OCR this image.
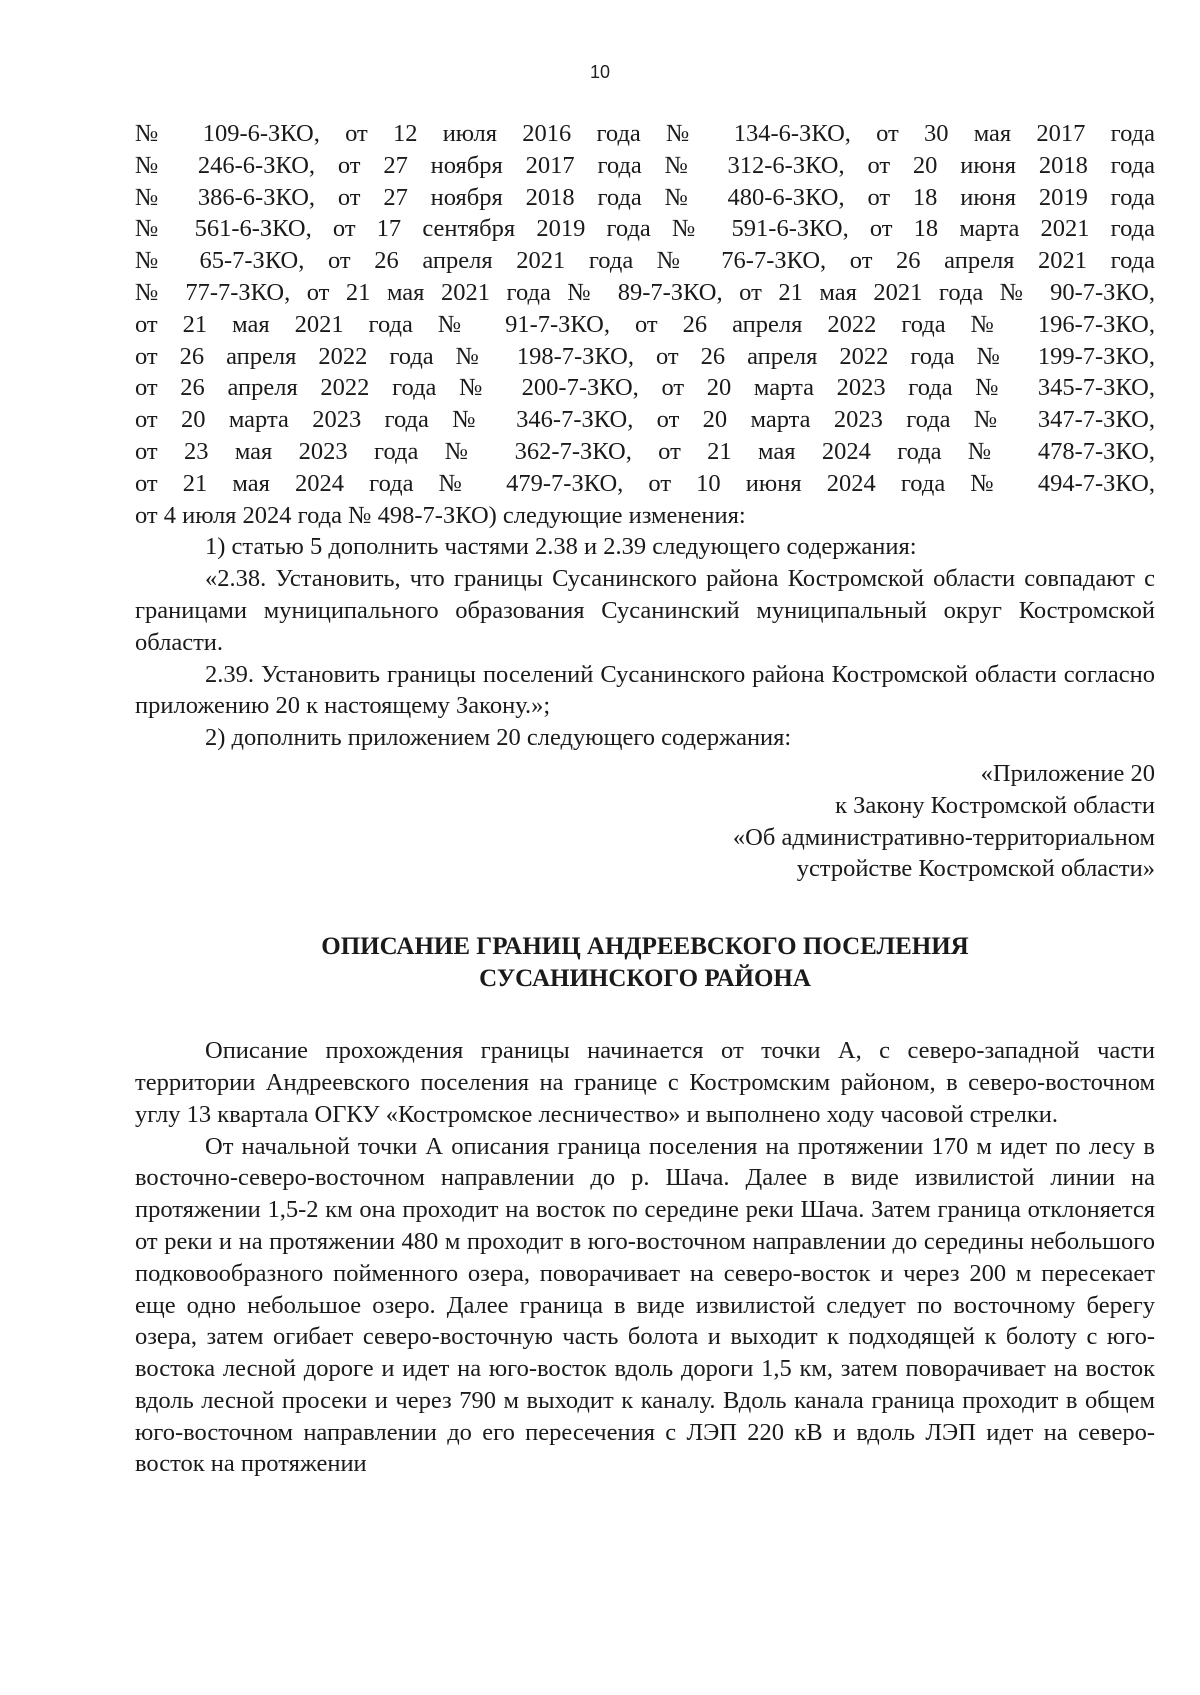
10

№ 109-6-ЗКО, от 12 июля 2016 года № 134-6-ЗКО, от 30 мая 2017 года

№ 246-6-ЗКО, от 27 ноября 2017 года № 312-6-ЗКО, от 20 июня 2018 года

№ 386-6-ЗКО, от 27 ноября 2018 года № 480-6-ЗКО, от 18 июня 2019 года

№ 561-6-ЗКО, от 17 сентября 2019 года № 591-6-ЗКО, от 18 марта 2021 года

№ 65-7-ЗКО, от 26 апреля 2021 года № 76-7-ЗКО, от 26 апреля 2021 года

№ 77-7-ЗКО, от 21 мая 2021 года № 89-7-ЗКО, от 21 мая 2021 года № 90-7-ЗКО,

от 21 мая 2021 года № 91-7-ЗКО, от 26 апреля 2022 года № 196-7-ЗКО,

от 26 апреля 2022 года № 198-7-ЗКО, от 26 апреля 2022 года № 199-7-ЗКО,

от 26 апреля 2022 года № 200-7-ЗКО, от 20 марта 2023 года № 345-7-ЗКО,

от 20 марта 2023 года № 346-7-ЗКО, от 20 марта 2023 года № 347-7-ЗКО,

от 23 мая 2023 года № 362-7-ЗКО, от 21 мая 2024 года № 478-7-ЗКО,

от 21 мая 2024 года № 479-7-ЗКО, от 10 июня 2024 года № 494-7-ЗКО,

от 4 июля 2024 года № 498-7-ЗКО) следующие изменения:

1) статью 5 дополнить частями 2.38 и 2.39 следующего содержания:

«2.38. Установить, что границы Сусанинского района Костромской области совпадают с границами муниципального образования Сусанинский муниципальный округ Костромской области.

2.39. Установить границы поселений Сусанинского района Костромской области согласно приложению 20 к настоящему Закону.»;

2) дополнить приложением 20 следующего содержания:

«Приложение 20
к Закону Костромской области
«Об административно-территориальном
устройстве Костромской области»
ОПИСАНИЕ ГРАНИЦ АНДРЕЕВСКОГО ПОСЕЛЕНИЯ
СУСАНИНСКОГО РАЙОНА

Описание прохождения границы начинается от точки А, с северо-западной части территории Андреевского поселения на границе с Костромским районом, в северо-восточном углу 13 квартала ОГКУ «Костромское лесничество» и выполнено ходу часовой стрелки.

От начальной точки А описания граница поселения на протяжении 170 м идет по лесу в восточно-северо-восточном направлении до р. Шача. Далее в виде извилистой линии на протяжении 1,5-2 км она проходит на восток по середине реки Шача. Затем граница отклоняется от реки и на протяжении 480 м проходит в юго-восточном направлении до середины небольшого подковообразного пойменного озера, поворачивает на северо-восток и через 200 м пересекает еще одно небольшое озеро. Далее граница в виде извилистой следует по восточному берегу озера, затем огибает северо-восточную часть болота и выходит к подходящей к болоту с юго-востока лесной дороге и идет на юго-восток вдоль дороги 1,5 км, затем поворачивает на восток вдоль лесной просеки и через 790 м выходит к каналу. Вдоль канала граница проходит в общем юго-восточном направлении до его пересечения с ЛЭП 220 кВ и вдоль ЛЭП идет на северо-восток на протяжении
